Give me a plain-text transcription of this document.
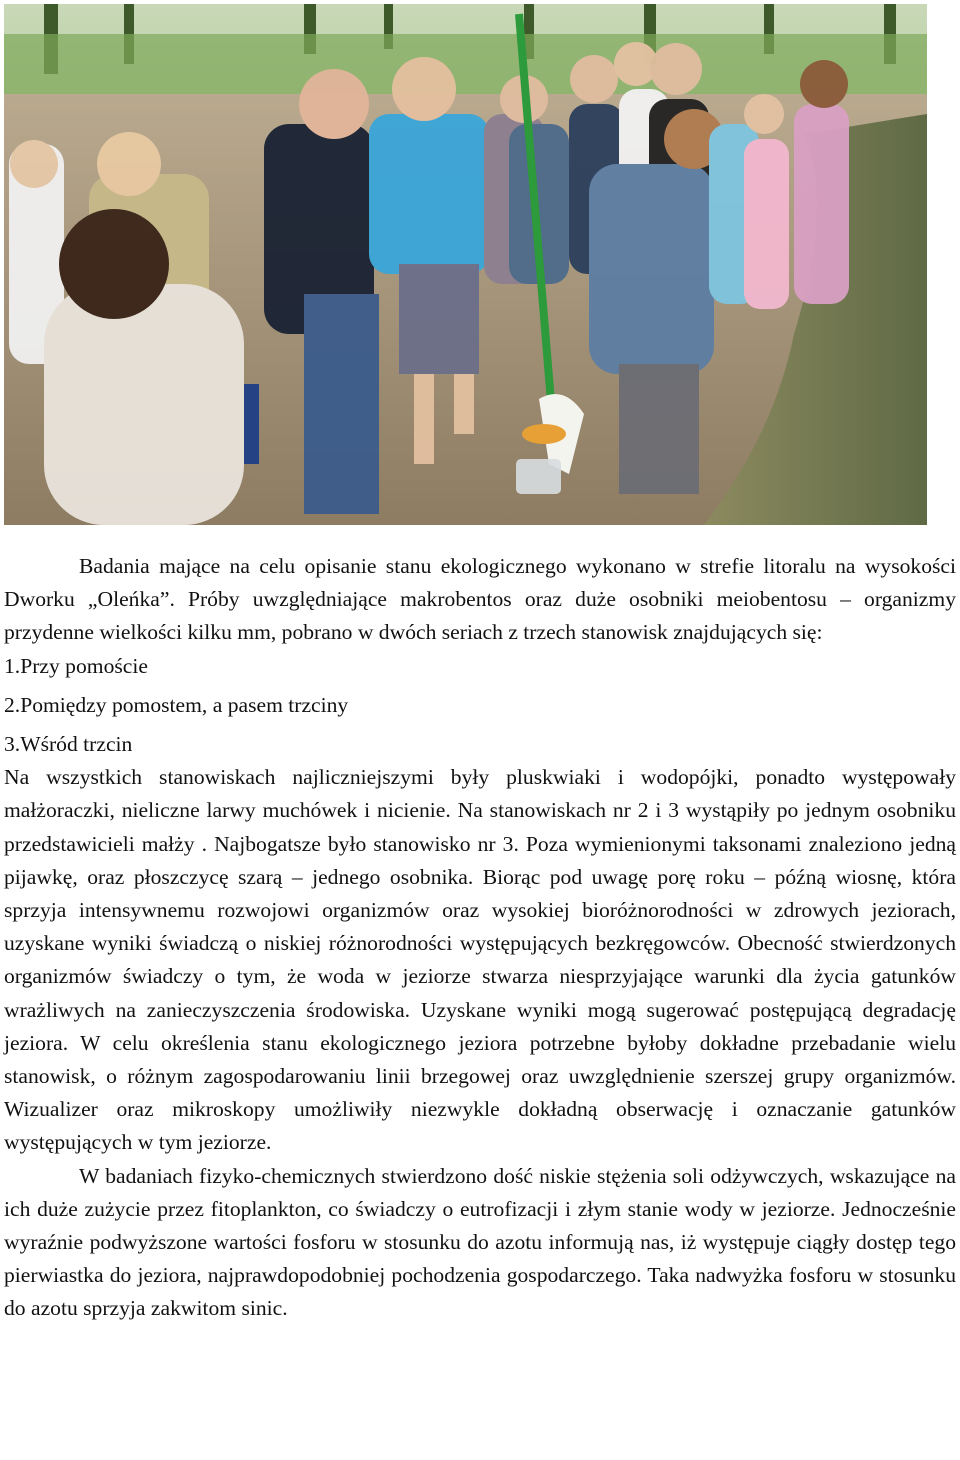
Badania mające na celu opisanie stanu ekologicznego wykonano w strefie litoralu na wysokości Dworku „Oleńka”. Próby uwzględniające makrobentos oraz duże osobniki meiobentosu – organizmy przydenne wielkości kilku mm, pobrano w dwóch seriach z trzech stanowisk znajdujących się:

1.Przy pomoście

2.Pomiędzy pomostem, a pasem trzciny

3.Wśród trzcin

Na wszystkich stanowiskach najliczniejszymi były pluskwiaki i wodopójki, ponadto występowały małżoraczki, nieliczne larwy muchówek i nicienie. Na stanowiskach nr 2 i 3 wystąpiły po jednym osobniku przedstawicieli małży . Najbogatsze było stanowisko nr 3. Poza wymienionymi taksonami znaleziono jedną pijawkę, oraz płoszczycę szarą – jednego osobnika. Biorąc pod uwagę porę roku – późną wiosnę, która sprzyja intensywnemu rozwojowi organizmów oraz wysokiej bioróżnorodności w zdrowych jeziorach, uzyskane wyniki świadczą o niskiej różnorodności występujących bezkręgowców. Obecność stwierdzonych organizmów świadczy o tym, że woda w jeziorze stwarza niesprzyjające warunki dla życia gatunków wrażliwych na zanieczyszczenia środowiska. Uzyskane wyniki mogą sugerować postępującą degradację jeziora. W celu określenia stanu ekologicznego jeziora potrzebne byłoby dokładne przebadanie wielu stanowisk, o różnym zagospodarowaniu linii brzegowej oraz uwzględnienie szerszej grupy organizmów. Wizualizer oraz mikroskopy umożliwiły niezwykle dokładną obserwację i oznaczanie gatunków występujących w tym jeziorze.

W badaniach fizyko-chemicznych stwierdzono dość niskie stężenia soli odżywczych, wskazujące na ich duże zużycie przez fitoplankton, co świadczy o eutrofizacji i złym stanie wody w jeziorze. Jednocześnie wyraźnie podwyższone wartości fosforu w stosunku do azotu informują nas, iż występuje ciągły dostęp tego pierwiastka do jeziora, najprawdopodobniej pochodzenia gospodarczego. Taka nadwyżka fosforu w stosunku do azotu sprzyja zakwitom sinic.
